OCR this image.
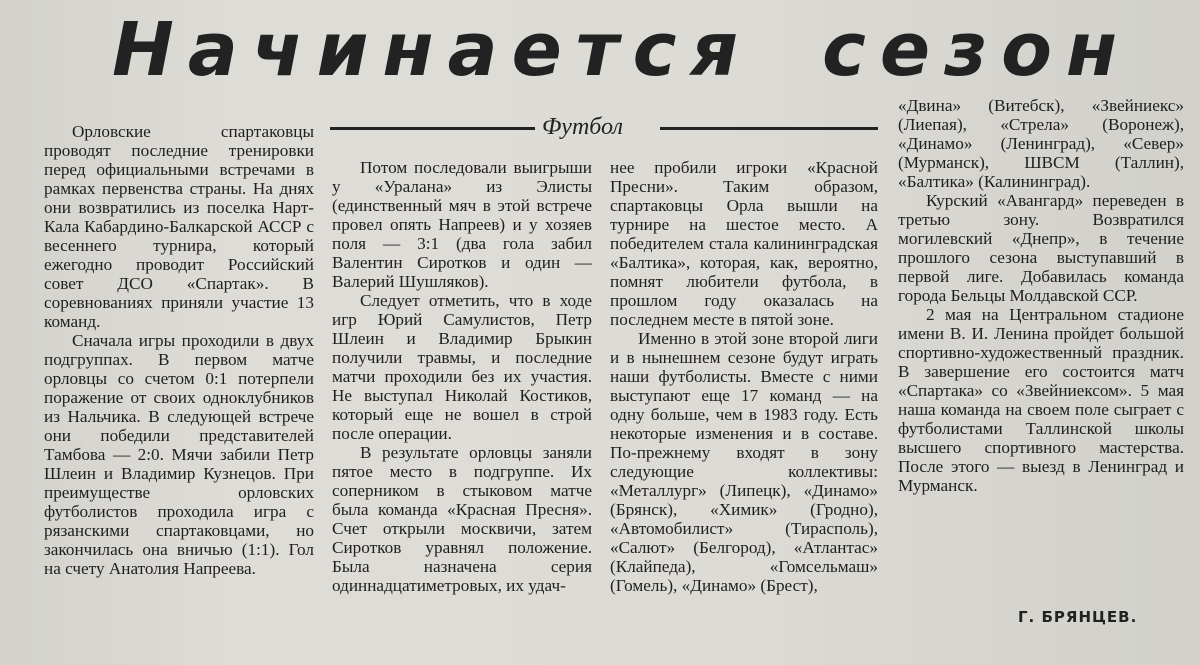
Начинается сезон
Футбол

Орловские спартаковцы проводят последние тренировки перед официальными встречами в рамках первенства страны. На днях они возвратились из поселка Нарт-Кала Кабардино-Балкарской АССР с весеннего турнира, который ежегодно проводит Российский совет ДСО «Спартак». В соревнованиях приняли участие 13 команд.

Сначала игры проходили в двух подгруппах. В первом матче орловцы со счетом 0:1 потерпели поражение от своих одноклубников из Нальчика. В следующей встрече они победили представителей Тамбова — 2:0. Мячи забили Петр Шлеин и Владимир Кузнецов. При преимуществе орловских футболистов проходила игра с рязанскими спартаковцами, но закончилась она вничью (1:1). Гол на счету Анатолия Напреева.

Потом последовали выигрыши у «Уралана» из Элисты (единственный мяч в этой встрече провел опять Напреев) и у хозяев поля — 3:1 (два гола забил Валентин Сиротков и один — Валерий Шушляков).

Следует отметить, что в ходе игр Юрий Самулистов, Петр Шлеин и Владимир Брыкин получили травмы, и последние матчи проходили без их участия. Не выступал Николай Костиков, который еще не вошел в строй после операции.

В результате орловцы заняли пятое место в подгруппе. Их соперником в стыковом матче была команда «Красная Пресня». Счет открыли москвичи, затем Сиротков уравнял положение. Была назначена серия одиннадцатиметровых, их удач-

нее пробили игроки «Красной Пресни». Таким образом, спартаковцы Орла вышли на турнире на шестое место. А победителем стала калининградская «Балтика», которая, как, вероятно, помнят любители футбола, в прошлом году оказалась на последнем месте в пятой зоне.

Именно в этой зоне второй лиги и в нынешнем сезоне будут играть наши футболисты. Вместе с ними выступают еще 17 команд — на одну больше, чем в 1983 году. Есть некоторые изменения и в составе. По-прежнему входят в зону следующие коллективы: «Металлург» (Липецк), «Динамо» (Брянск), «Химик» (Гродно), «Автомобилист» (Тирасполь), «Салют» (Белгород), «Атлантас» (Клайпеда), «Гомсельмаш» (Гомель), «Динамо» (Брест),

«Двина» (Витебск), «Звейниекс» (Лиепая), «Стрела» (Воронеж), «Динамо» (Ленинград), «Север» (Мурманск), ШВСМ (Таллин), «Балтика» (Калининград).

Курский «Авангард» переведен в третью зону. Возвратился могилевский «Днепр», в течение прошлого сезона выступавший в первой лиге. Добавилась команда города Бельцы Молдавской ССР.

2 мая на Центральном стадионе имени В. И. Ленина пройдет большой спортивно-художественный праздник. В завершение его состоится матч «Спартака» со «Звейниексом». 5 мая наша команда на своем поле сыграет с футболистами Таллинской школы высшего спортивного мастерства. После этого — выезд в Ленинград и Мурманск.

Г. БРЯНЦЕВ.
